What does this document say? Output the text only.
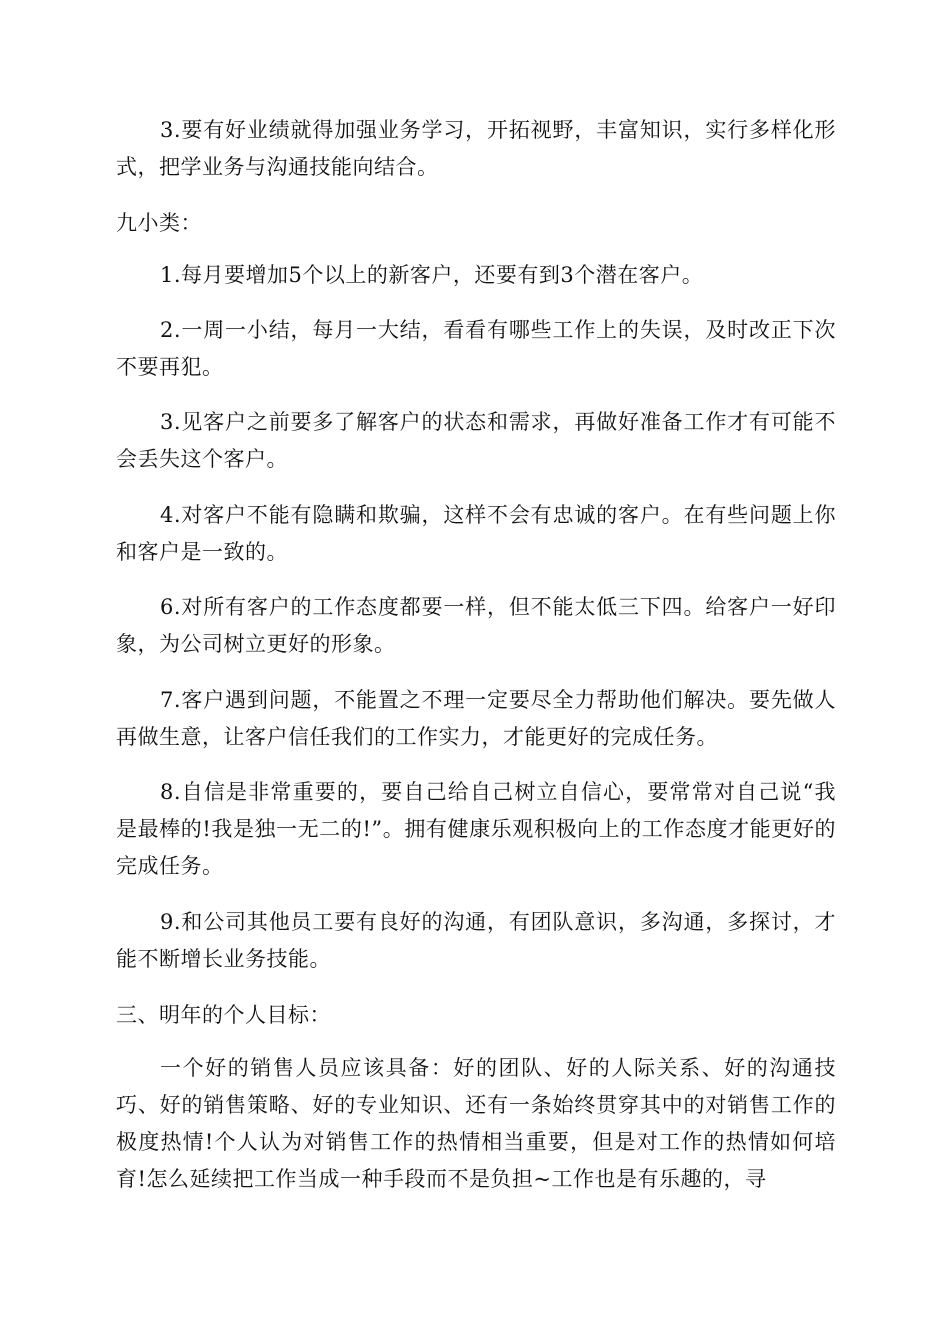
3.要有好业绩就得加强业务学习，开拓视野，丰富知识，实行多样化形式，把学业务与沟通技能向结合。

九小类：

1.每月要增加5个以上的新客户，还要有到3个潜在客户。

2.一周一小结，每月一大结，看看有哪些工作上的失误，及时改正下次不要再犯。

3.见客户之前要多了解客户的状态和需求，再做好准备工作才有可能不会丢失这个客户。

4.对客户不能有隐瞒和欺骗，这样不会有忠诚的客户。在有些问题上你和客户是一致的。

6.对所有客户的工作态度都要一样，但不能太低三下四。给客户一好印象，为公司树立更好的形象。

7.客户遇到问题，不能置之不理一定要尽全力帮助他们解决。要先做人再做生意，让客户信任我们的工作实力，才能更好的完成任务。

8.自信是非常重要的，要自己给自己树立自信心，要常常对自己说“我是最棒的!我是独一无二的!”。拥有健康乐观积极向上的工作态度才能更好的完成任务。

9.和公司其他员工要有良好的沟通，有团队意识，多沟通，多探讨，才能不断增长业务技能。

三、明年的个人目标：

一个好的销售人员应该具备：好的团队、好的人际关系、好的沟通技巧、好的销售策略、好的专业知识、还有一条始终贯穿其中的对销售工作的极度热情!个人认为对销售工作的热情相当重要，但是对工作的热情如何培育!怎么延续把工作当成一种手段而不是负担~工作也是有乐趣的，寻
